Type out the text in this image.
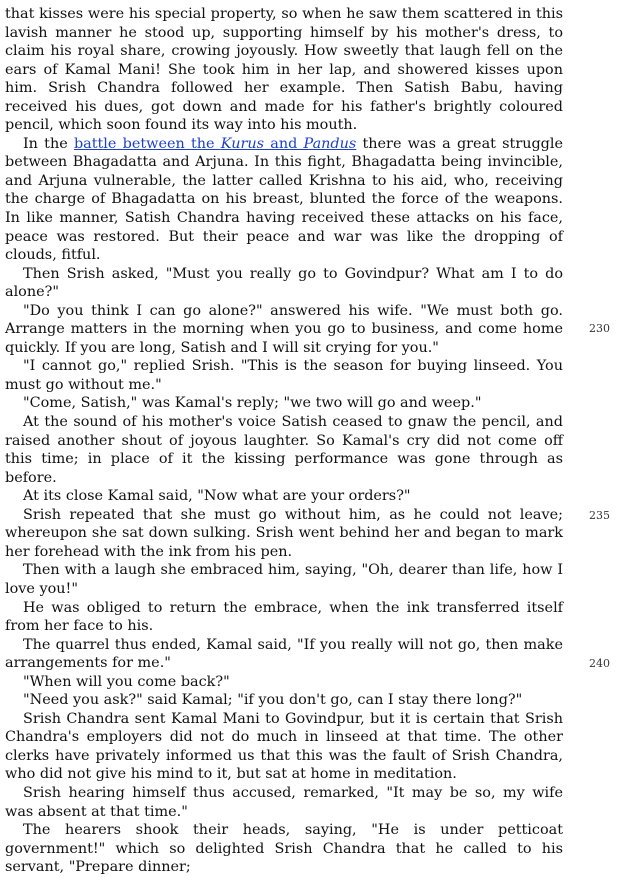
that kisses were his special property, so when he saw them scattered in this lavish manner he stood up, supporting himself by his mother's dress, to claim his royal share, crowing joyously. How sweetly that laugh fell on the ears of Kamal Mani! She took him in her lap, and showered kisses upon him. Srish Chandra followed her example. Then Satish Babu, having received his dues, got down and made for his father's brightly coloured pencil, which soon found its way into his mouth.

In the battle between the Kurus and Pandus there was a great struggle between Bhagadatta and Arjuna. In this fight, Bhagadatta being invincible, and Arjuna vulnerable, the latter called Krishna to his aid, who, receiving the charge of Bhagadatta on his breast, blunted the force of the weapons. In like manner, Satish Chandra having received these attacks on his face, peace was restored. But their peace and war was like the dropping of clouds, fitful.

Then Srish asked, "Must you really go to Govindpur? What am I to do alone?"

"Do you think I can go alone?" answered his wife. "We must both go. Arrange matters in the morning when you go to business, and come home quickly. If you are long, Satish and I will sit crying for you."

"I cannot go," replied Srish. "This is the season for buying linseed. You must go without me."

"Come, Satish," was Kamal's reply; "we two will go and weep."

At the sound of his mother's voice Satish ceased to gnaw the pencil, and raised another shout of joyous laughter. So Kamal's cry did not come off this time; in place of it the kissing performance was gone through as before.

At its close Kamal said, "Now what are your orders?"

Srish repeated that she must go without him, as he could not leave; whereupon she sat down sulking. Srish went behind her and began to mark her forehead with the ink from his pen.

Then with a laugh she embraced him, saying, "Oh, dearer than life, how I love you!"

He was obliged to return the embrace, when the ink transferred itself from her face to his.

The quarrel thus ended, Kamal said, "If you really will not go, then make arrangements for me."

"When will you come back?"

"Need you ask?" said Kamal; "if you don't go, can I stay there long?"

Srish Chandra sent Kamal Mani to Govindpur, but it is certain that Srish Chandra's employers did not do much in linseed at that time. The other clerks have privately informed us that this was the fault of Srish Chandra, who did not give his mind to it, but sat at home in meditation.

Srish hearing himself thus accused, remarked, "It may be so, my wife was absent at that time."

The hearers shook their heads, saying, "He is under petticoat government!" which so delighted Srish Chandra that he called to his servant, "Prepare dinner;

230
235
240
